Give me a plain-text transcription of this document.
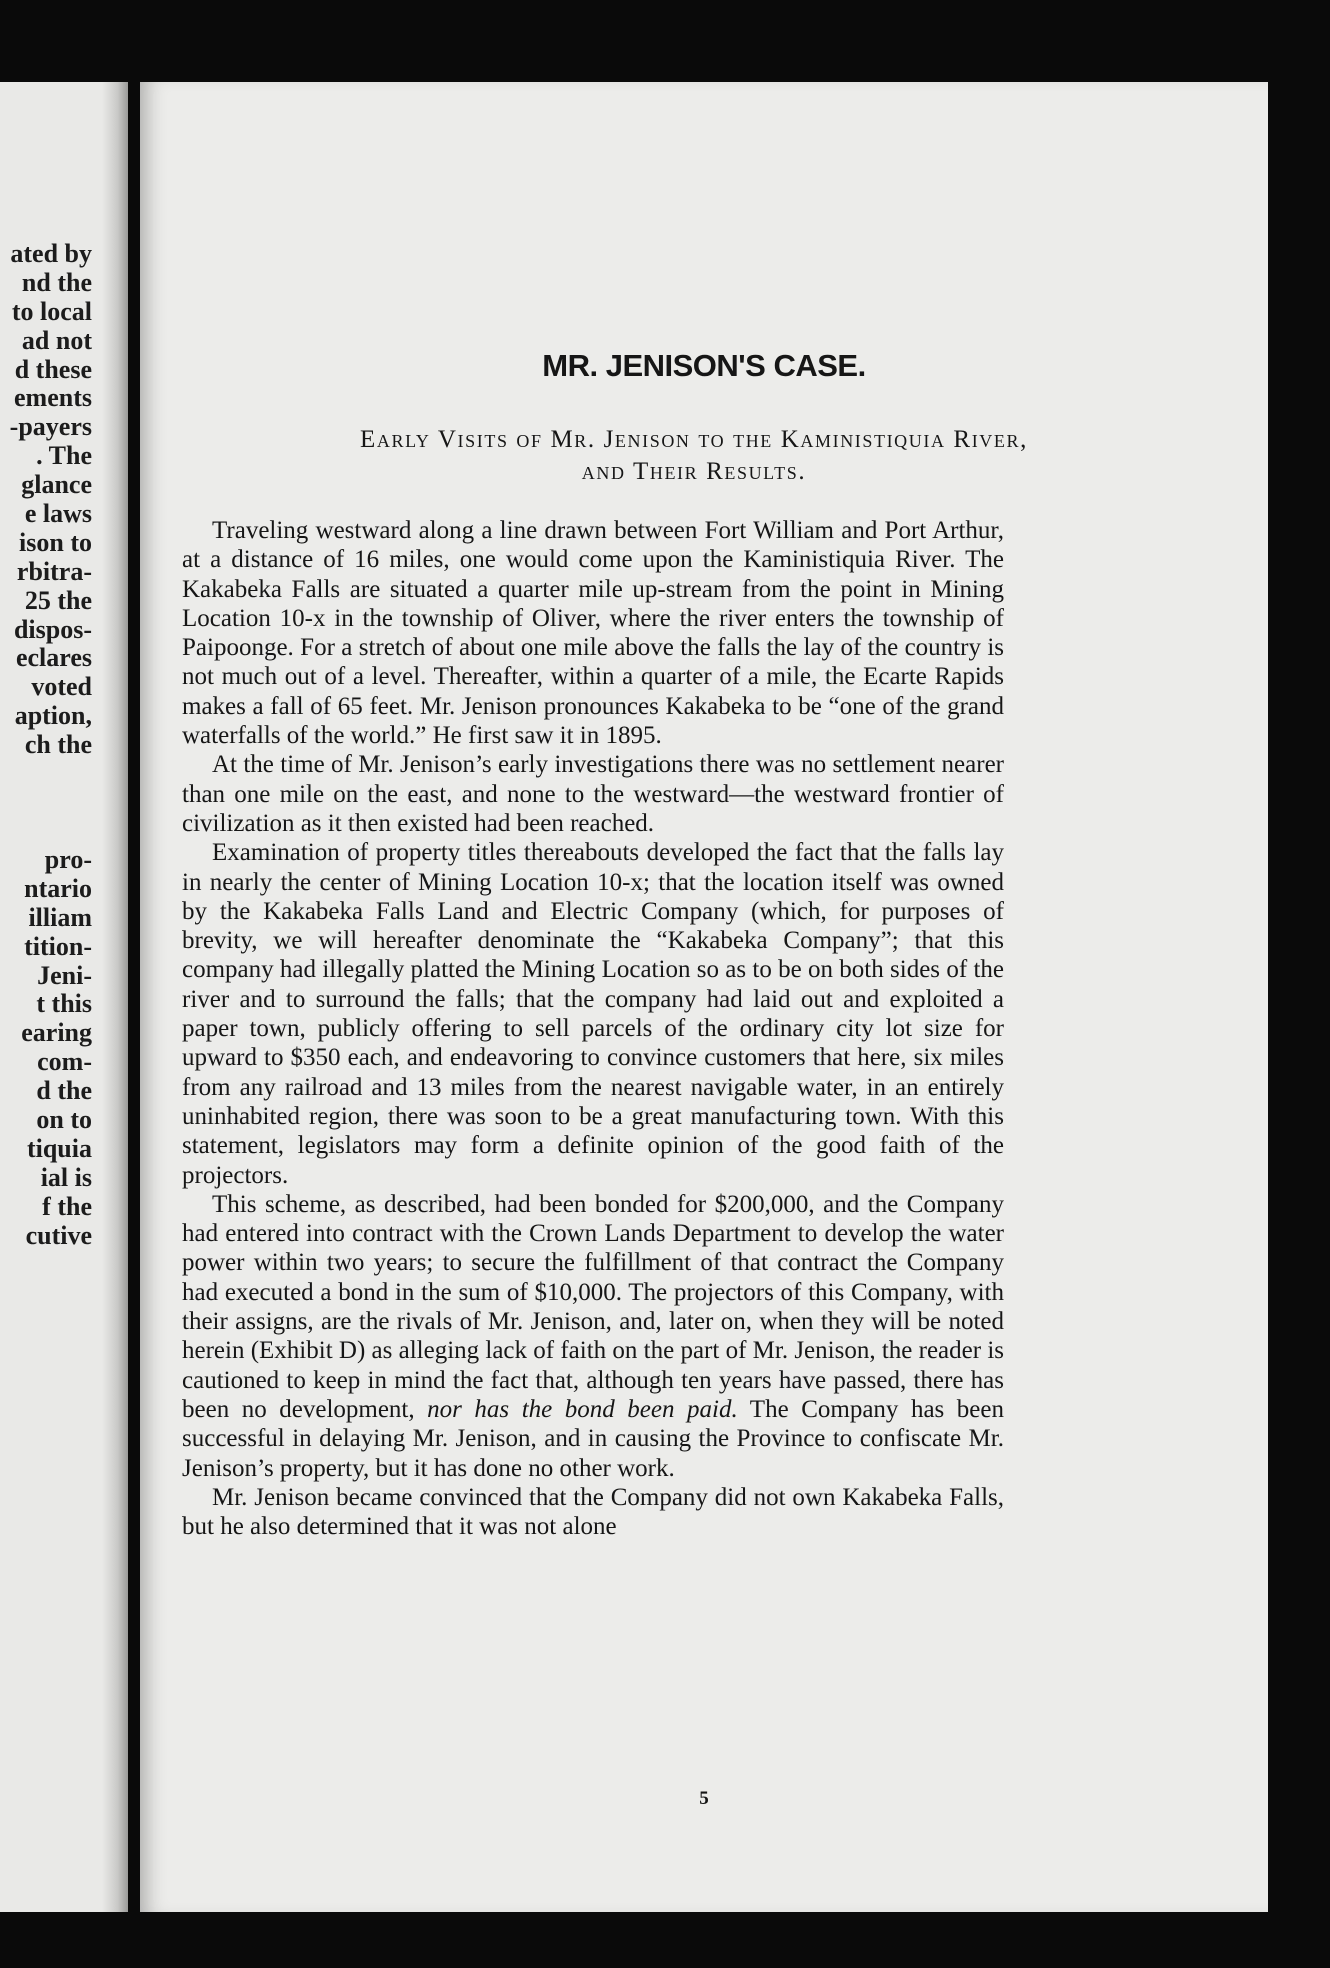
ated by
nd the
to local
ad not
d these
ements
-payers
. The
glance
e laws
ison to
rbitra-
25 the
dispos-
eclares
voted
aption,
ch the
pro-
ntario
illiam
tition-
Jeni-
t this
earing
com-
d the
on to
tiquia
ial is
f the
cutive
MR. JENISON'S CASE.
Early Visits of Mr. Jenison to the Kaministiquia River,
and Their Results.

Traveling westward along a line drawn between Fort William and Port Arthur, at a distance of 16 miles, one would come upon the Kaministiquia River. The Kakabeka Falls are situated a quarter mile up-stream from the point in Mining Location 10-x in the township of Oliver, where the river enters the township of Paipoonge. For a stretch of about one mile above the falls the lay of the country is not much out of a level. Thereafter, within a quarter of a mile, the Ecarte Rapids makes a fall of 65 feet. Mr. Jenison pronounces Kakabeka to be “one of the grand waterfalls of the world.” He first saw it in 1895.

At the time of Mr. Jenison’s early investigations there was no settlement nearer than one mile on the east, and none to the westward—the westward frontier of civilization as it then existed had been reached.

Examination of property titles thereabouts developed the fact that the falls lay in nearly the center of Mining Location 10-x; that the location itself was owned by the Kakabeka Falls Land and Electric Company (which, for purposes of brevity, we will hereafter denominate the “Kakabeka Company”; that this company had illegally platted the Mining Location so as to be on both sides of the river and to surround the falls; that the company had laid out and exploited a paper town, publicly offering to sell parcels of the ordinary city lot size for upward to $350 each, and endeavoring to convince customers that here, six miles from any railroad and 13 miles from the nearest navigable water, in an entirely uninhabited region, there was soon to be a great manufacturing town. With this statement, legislators may form a definite opinion of the good faith of the projectors.

This scheme, as described, had been bonded for $200,000, and the Company had entered into contract with the Crown Lands Department to develop the water power within two years; to secure the fulfillment of that contract the Company had executed a bond in the sum of $10,000. The projectors of this Company, with their assigns, are the rivals of Mr. Jenison, and, later on, when they will be noted herein (Exhibit D) as alleging lack of faith on the part of Mr. Jenison, the reader is cautioned to keep in mind the fact that, although ten years have passed, there has been no development, nor has the bond been paid. The Company has been successful in delaying Mr. Jenison, and in causing the Province to confiscate Mr. Jenison’s property, but it has done no other work.

Mr. Jenison became convinced that the Company did not own Kakabeka Falls, but he also determined that it was not alone

5
